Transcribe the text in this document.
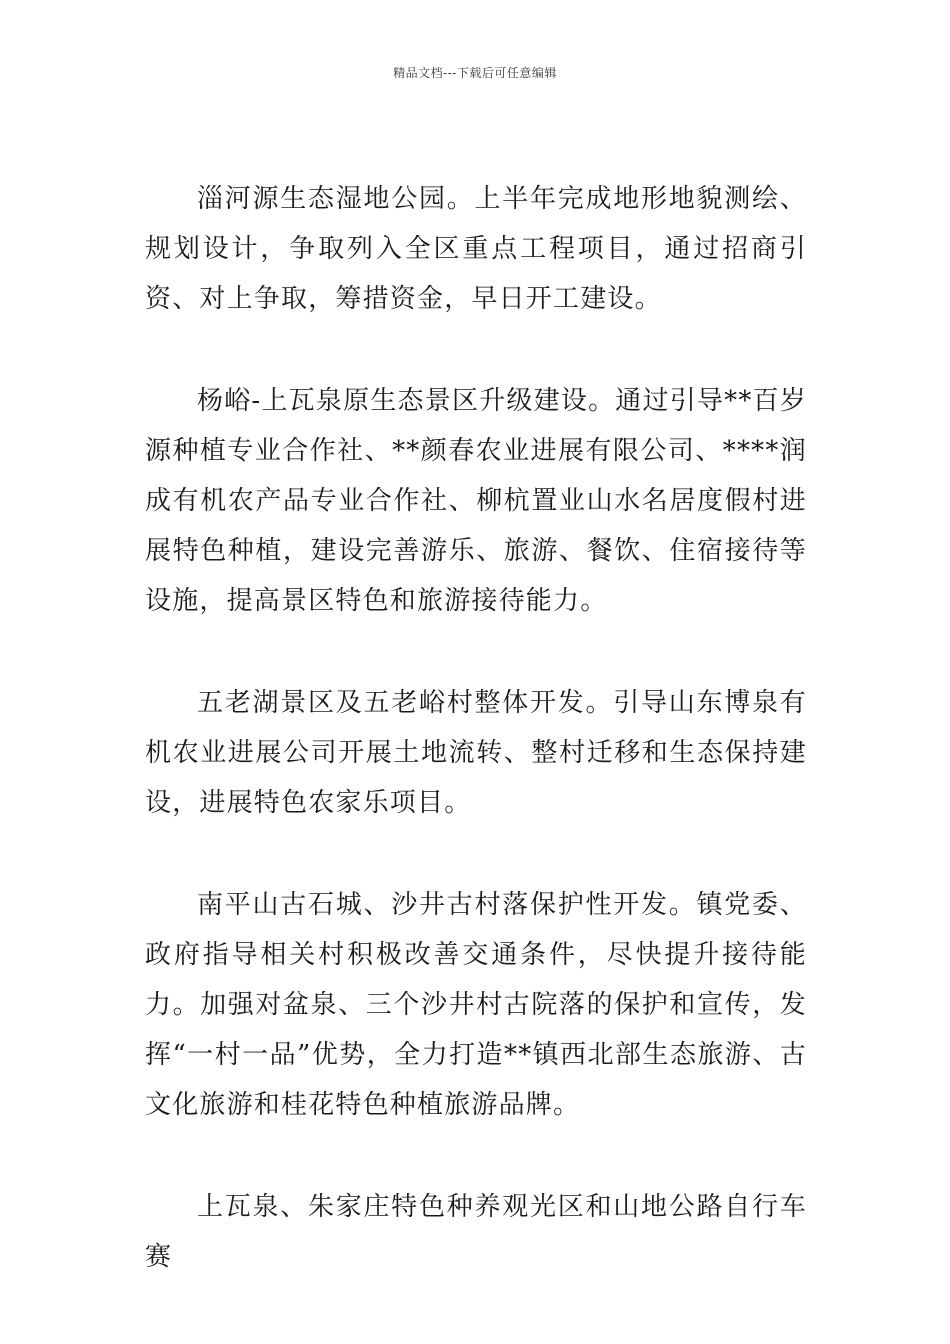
精品文档---下载后可任意编辑

淄河源生态湿地公园。上半年完成地形地貌测绘、规划设计，争取列入全区重点工程项目，通过招商引资、对上争取，筹措资金，早日开工建设。

杨峪-上瓦泉原生态景区升级建设。通过引导**百岁源种植专业合作社、**颜春农业进展有限公司、****润成有机农产品专业合作社、柳杭置业山水名居度假村进展特色种植，建设完善游乐、旅游、餐饮、住宿接待等设施，提高景区特色和旅游接待能力。

五老湖景区及五老峪村整体开发。引导山东博泉有机农业进展公司开展土地流转、整村迁移和生态保持建设，进展特色农家乐项目。

南平山古石城、沙井古村落保护性开发。镇党委、政府指导相关村积极改善交通条件，尽快提升接待能力。加强对盆泉、三个沙井村古院落的保护和宣传，发挥“一村一品”优势，全力打造**镇西北部生态旅游、古文化旅游和桂花特色种植旅游品牌。

上瓦泉、朱家庄特色种养观光区和山地公路自行车赛
